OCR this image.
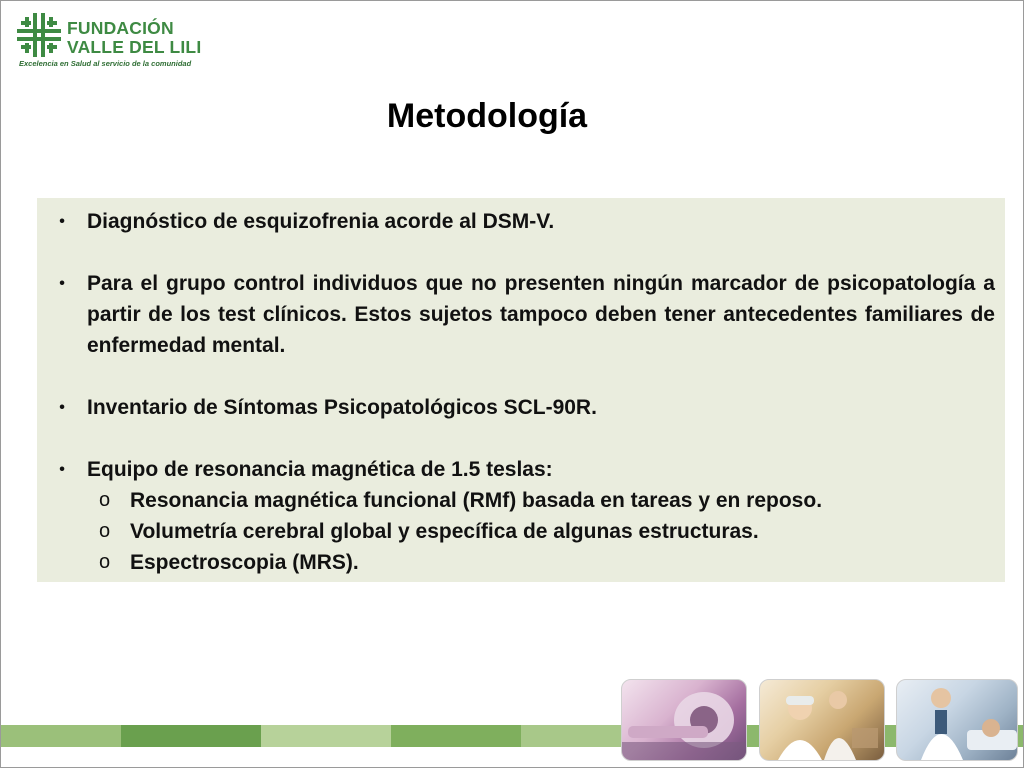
FUNDACIÓN
VALLE DEL LILI
Excelencia en Salud al servicio de la comunidad
Metodología
• Diagnóstico de esquizofrenia acorde al DSM-V.
• Para el grupo control individuos que no presenten ningún marcador de psicopatología a partir de los test clínicos. Estos sujetos tampoco deben tener antecedentes familiares de enfermedad mental.
• Inventario de Síntomas Psicopatológicos SCL-90R.
• Equipo de resonancia magnética de 1.5 teslas:
o Resonancia magnética funcional (RMf) basada en tareas y en reposo.
o Volumetría cerebral global y específica de algunas estructuras.
o Espectroscopia (MRS).
